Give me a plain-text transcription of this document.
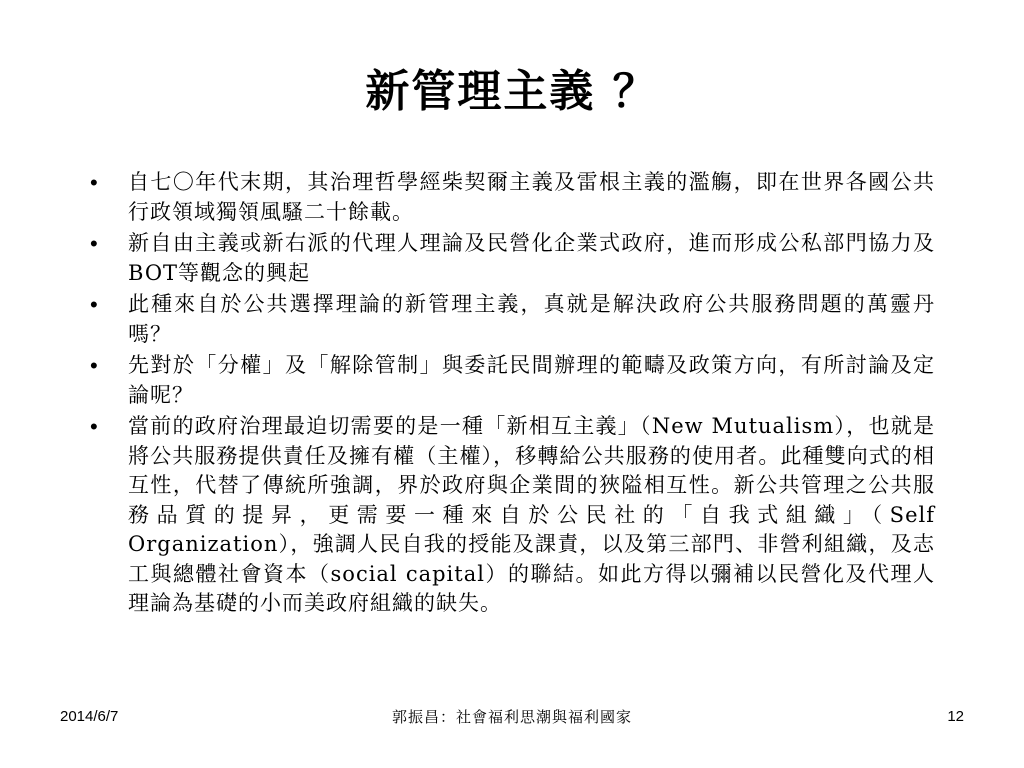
新管理主義 ？
• 自七〇年代末期，其治理哲學經柴契爾主義及雷根主義的濫觴，即在世界各國公共行政領域獨領風騷二十餘載。
• 新自由主義或新右派的代理人理論及民營化企業式政府，進而形成公私部門協力及BOT等觀念的興起
• 此種來自於公共選擇理論的新管理主義，真就是解決政府公共服務問題的萬靈丹嗎？
• 先對於「分權」及「解除管制」與委託民間辦理的範疇及政策方向，有所討論及定論呢？
• 當前的政府治理最迫切需要的是一種「新相互主義」（New Mutualism），也就是將公共服務提供責任及擁有權（主權），移轉給公共服務的使用者。此種雙向式的相互性，代替了傳統所強調，界於政府與企業間的狹隘相互性。新公共管理之公共服務品質的提昇，更需要一種來自於公民社的「自我式組織」（Self Organization），強調人民自我的授能及課責，以及第三部門、非營利組織，及志工與總體社會資本（social capital）的聯結。如此方得以彌補以民營化及代理人理論為基礎的小而美政府組織的缺失。
2014/6/7	郭振昌：社會福利思潮與福利國家	12
